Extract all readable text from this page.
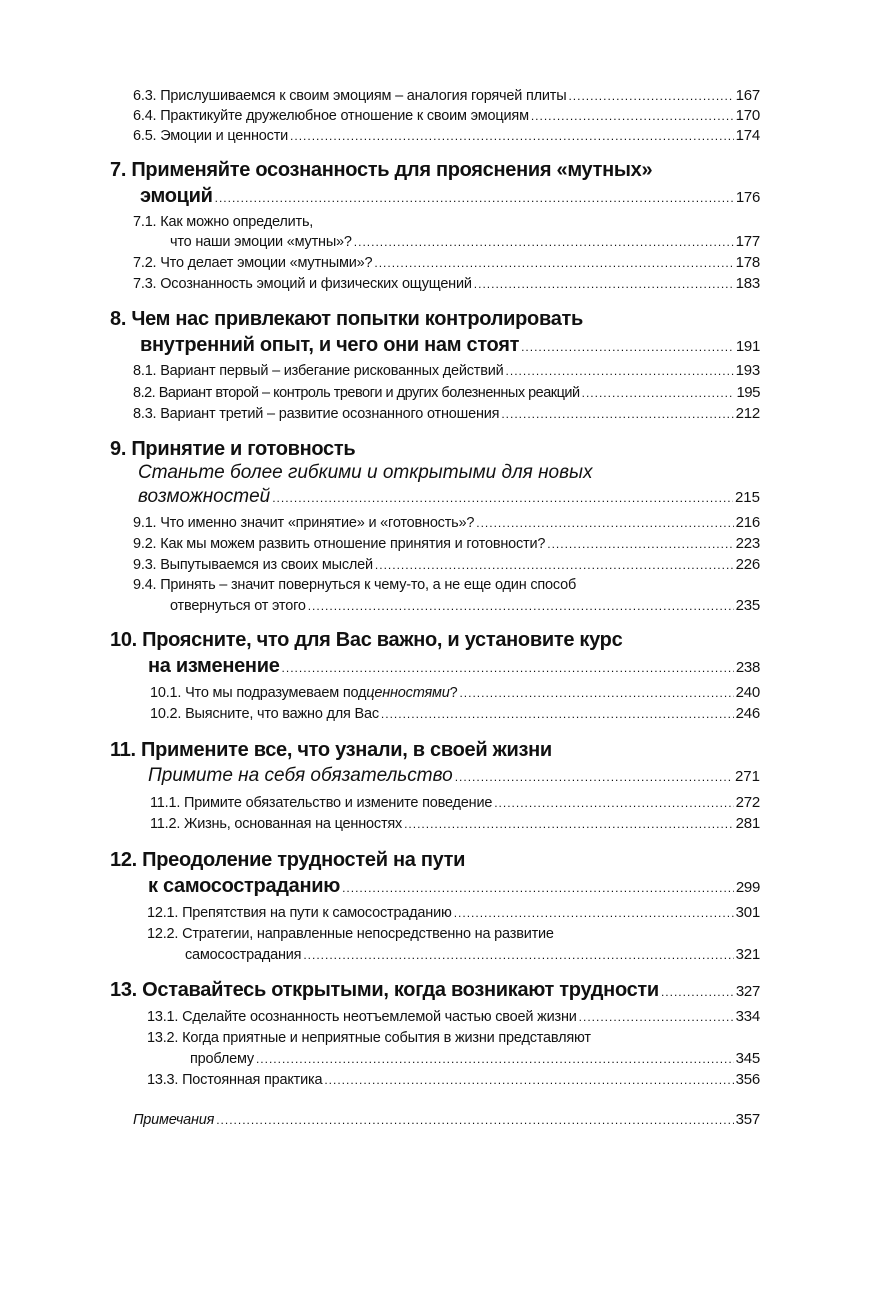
6.3. Прислушиваемся к своим эмоциям – аналогия горячей плиты .....	167
6.4. Практикуйте дружелюбное отношение к своим эмоциям .....	170
6.5. Эмоции и ценности .....	174
7. Применяйте осознанность для прояснения «мутных»
эмоций .....	176
7.1. Как можно определить,
что наши эмоции «мутны»? .....	177
7.2. Что делает эмоции «мутными»? .....	178
7.3. Осознанность эмоций и физических ощущений .....	183
8. Чем нас привлекают попытки контролировать
внутренний опыт, и чего они нам стоят .....	191
8.1. Вариант первый – избегание рискованных действий .....	193
8.2. Вариант второй – контроль тревоги и других болезненных реакций .....	195
8.3. Вариант третий – развитие осознанного отношения .....	212
9. Принятие и готовность
Станьте более гибкими и открытыми для новых
возможностей .....	215
9.1. Что именно значит «принятие» и «готовность»? .....	216
9.2. Как мы можем развить отношение принятия и готовности? .....	223
9.3. Выпутываемся из своих мыслей .....	226
9.4. Принять – значит повернуться к чему-то, а не еще один способ
отвернуться от этого .....	235
10. Проясните, что для Вас важно, и установите курс
на изменение .....	238
10.1. Что мы подразумеваем под ценностями ? .....	240
10.2. Выясните, что важно для Вас .....	246
11. Примените все, что узнали, в своей жизни
Примите на себя обязательство .....	271
11.1. Примите обязательство и измените поведение .....	272
11.2. Жизнь, основанная на ценностях .....	281
12. Преодоление трудностей на пути
к самосостраданию .....	299
12.1. Препятствия на пути к самосостраданию .....	301
12.2. Стратегии, направленные непосредственно на развитие
самосострадания .....	321
13. Оставайтесь открытыми, когда возникают трудности .....	327
13.1. Сделайте осознанность неотъемлемой частью своей жизни .....	334
13.2. Когда приятные и неприятные события в жизни представляют
проблему .....	345
13.3. Постоянная практика .....	356
Примечания .....	357
